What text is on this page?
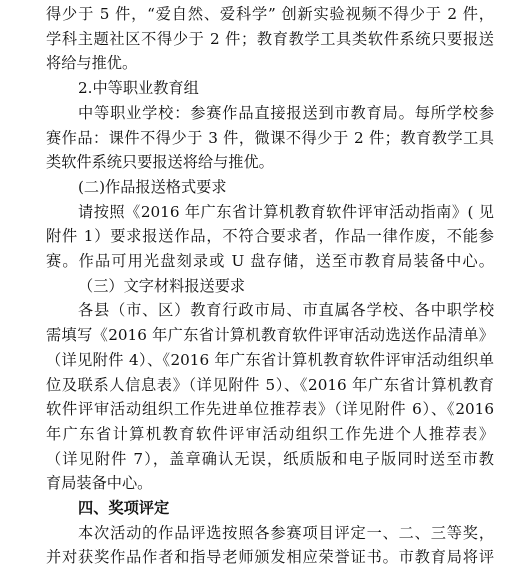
得少于 5 件，“爱自然、爱科学” 创新实验视频不得少于 2 件，
学科主题社区不得少于 2 件；教育教学工具类软件系统只要报送
将给与推优。
2.中等职业教育组
中等职业学校：参赛作品直接报送到市教育局。每所学校参
赛作品：课件不得少于 3 件，微课不得少于 2 件；教育教学工具
类软件系统只要报送将给与推优。
(二)作品报送格式要求
请按照《2016 年广东省计算机教育软件评审活动指南》( 见
附件 1）要求报送作品，不符合要求者，作品一律作废，不能参
赛。作品可用光盘刻录或 U 盘存储，送至市教育局装备中心。
（三）文字材料报送要求
各县（市、区）教育行政市局、市直属各学校、各中职学校
需填写《2016 年广东省计算机教育软件评审活动选送作品清单》
（详见附件 4）、《2016 年广东省计算机教育软件评审活动组织单
位及联系人信息表》（详见附件 5）、《2016 年广东省计算机教育
软件评审活动组织工作先进单位推荐表》（详见附件 6）、《2016
年广东省计算机教育软件评审活动组织工作先进个人推荐表》
（详见附件 7），盖章确认无误，纸质版和电子版同时送至市教
育局装备中心。
四、奖项评定
本次活动的作品评选按照各参赛项目评定一、二、三等奖，
并对获奖作品作者和指导老师颁发相应荣誉证书。市教育局将评
